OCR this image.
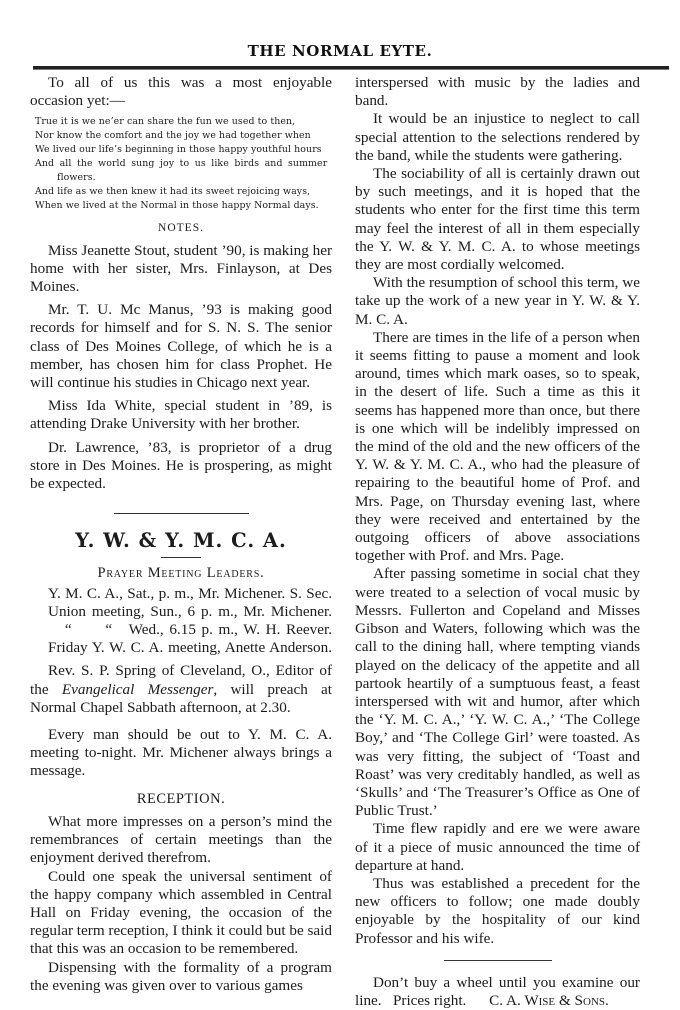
THE NORMAL EYTE.

To all of us this was a most enjoyable occasion yet:—

True it is we ne’er can share the fun we used to then,
Nor know the comfort and the joy we had together when
We lived our life’s beginning in those happy youthful hours
And all the world sung joy to us like birds and summer
flowers.
And life as we then knew it had its sweet rejoicing ways,
When we lived at the Normal in those happy Normal days.
NOTES.

Miss Jeanette Stout, student ’90, is making her home with her sister, Mrs. Finlayson, at Des Moines.

Mr. T. U. Mc Manus, ’93 is making good records for himself and for S. N. S. The senior class of Des Moines College, of which he is a member, has chosen him for class Prophet. He will continue his studies in Chicago next year.

Miss Ida White, special student in ’89, is attending Drake University with her brother.

Dr. Lawrence, ’83, is proprietor of a drug store in Des Moines. He is prospering, as might be expected.

Y. W. & Y. M. C. A.
Prayer Meeting Leaders.
Y. M. C. A., Sat., p. m., Mr. Michener. S. Sec.
Union meeting, Sun., 6 p. m., Mr. Michener.
“      “   Wed., 6.15 p. m., W. H. Reever.
Friday Y. W. C. A. meeting, Anette Anderson.

Rev. S. P. Spring of Cleveland, O., Editor of the Evangelical Messenger, will preach at Normal Chapel Sabbath afternoon, at 2.30.

Every man should be out to Y. M. C. A. meeting to-night. Mr. Michener always brings a message.

RECEPTION.

What more impresses on a person’s mind the remembrances of certain meetings than the enjoyment derived therefrom.

Could one speak the universal sentiment of the happy company which assembled in Central Hall on Friday evening, the occasion of the regular term reception, I think it could but be said that this was an occasion to be remembered.

Dispensing with the formality of a program the evening was given over to various games

interspersed with music by the ladies and band.

It would be an injustice to neglect to call special attention to the selections rendered by the band, while the students were gathering.

The sociability of all is certainly drawn out by such meetings, and it is hoped that the students who enter for the first time this term may feel the interest of all in them especially the Y. W. & Y. M. C. A. to whose meetings they are most cordially welcomed.

With the resumption of school this term, we take up the work of a new year in Y. W. & Y. M. C. A.

There are times in the life of a person when it seems fitting to pause a moment and look around, times which mark oases, so to speak, in the desert of life. Such a time as this it seems has happened more than once, but there is one which will be indelibly impressed on the mind of the old and the new officers of the Y. W. & Y. M. C. A., who had the pleasure of repairing to the beautiful home of Prof. and Mrs. Page, on Thursday evening last, where they were received and entertained by the outgoing officers of above associations together with Prof. and Mrs. Page.

After passing sometime in social chat they were treated to a selection of vocal music by Messrs. Fullerton and Copeland and Misses Gibson and Waters, following which was the call to the dining hall, where tempting viands played on the delicacy of the appetite and all partook heartily of a sumptuous feast, a feast interspersed with wit and humor, after which the ‘Y. M. C. A.,’ ‘Y. W. C. A.,’ ‘The College Boy,’ and ‘The College Girl’ were toasted. As was very fitting, the subject of ‘Toast and Roast’ was very creditably handled, as well as ‘Skulls’ and ‘The Treasurer’s Office as One of Public Trust.’

Time flew rapidly and ere we were aware of it a piece of music announced the time of departure at hand.

Thus was established a precedent for the new officers to follow; one made doubly enjoyable by the hospitality of our kind Professor and his wife.

Don’t buy a wheel until you examine our line.   Prices right.      C. A. Wise & Sons.
